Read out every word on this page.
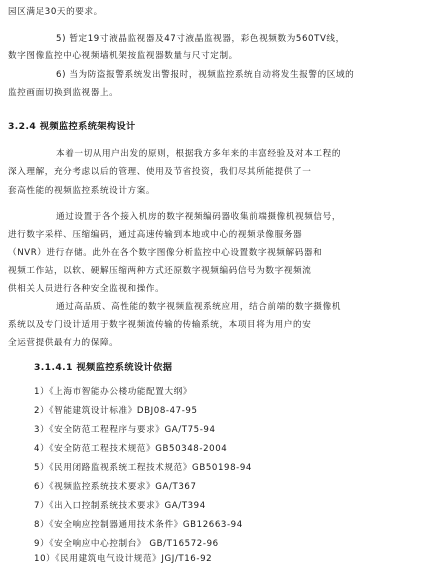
园区满足30天的要求。
5) 暂定19寸液晶监视器及47寸液晶监视器，彩色视频数为560TV线，
数字图像监控中心视频墙机架按监视器数量与尺寸定制。
6) 当为防盗报警系统发出警报时，视频监控系统自动将发生报警的区域的
监控画面切换到监视器上。
3.2.4 视频监控系统架构设计
本着一切从用户出发的原则，根据我方多年来的丰富经验及对本工程的
深入理解，充分考虑以后的管理、使用及节省投资，我们尽其所能提供了一
套高性能的视频监控系统设计方案。
通过设置于各个接入机房的数字视频编码器收集前端摄像机视频信号，
进行数字采样、压缩编码，通过高速传输到本地或中心的视频录像服务器
（NVR）进行存储。此外在各个数字图像分析监控中心设置数字视频解码器和
视频工作站，以软、硬解压缩两种方式还原数字视频编码信号为数字视频流
供相关人员进行各种安全监视和操作。
通过高品质、高性能的数字视频监视系统应用，结合前端的数字摄像机
系统以及专门设计适用于数字视频流传输的传输系统，本项目将为用户的安
全运营提供最有力的保障。
3.1.4.1 视频监控系统设计依据
1）《上海市智能办公楼功能配置大纲》
2）《智能建筑设计标准》DBJ08-47-95
3）《安全防范工程程序与要求》GA/T75-94
4）《安全防范工程技术规范》GB50348-2004
5）《民用闭路监视系统工程技术规范》GB50198-94
6）《视频监控系统技术要求》GA/T367
7）《出入口控制系统技术要求》GA/T394
8）《安全响应控制器通用技术条件》GB12663-94
9）《安全响应中心控制台》 GB/T16572-96
10）《民用建筑电气设计规范》JGJ/T16-92
